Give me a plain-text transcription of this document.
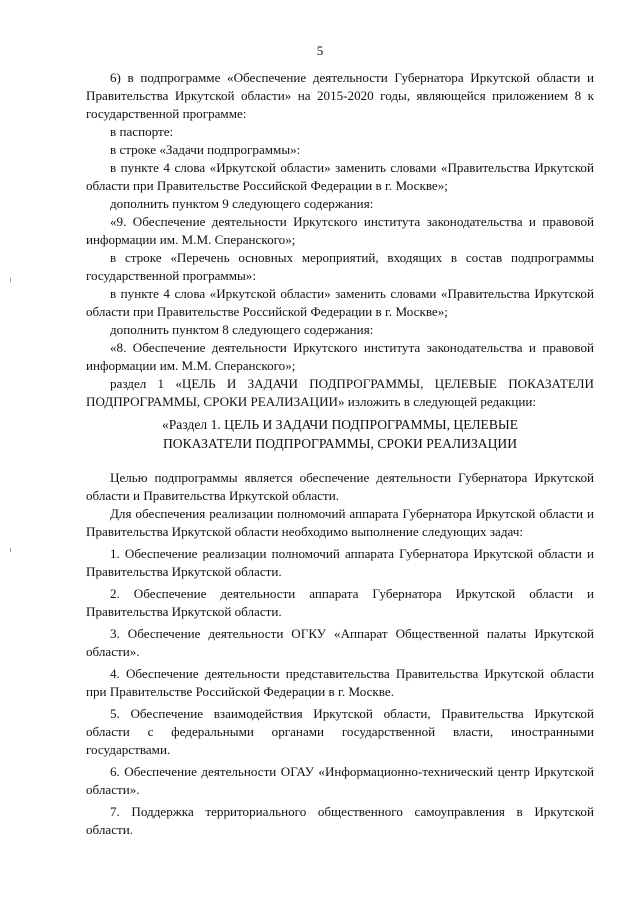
5

6) в подпрограмме «Обеспечение деятельности Губернатора Иркутской области и Правительства Иркутской области» на 2015-2020 годы, являющейся приложением 8 к государственной программе:

в паспорте:

в строке «Задачи подпрограммы»:

в пункте 4 слова «Иркутской области» заменить словами «Правительства Иркутской области при Правительстве Российской Федерации в г. Москве»;

дополнить пунктом 9 следующего содержания:

«9. Обеспечение деятельности Иркутского института законодательства и правовой информации им. М.М. Сперанского»;

в строке «Перечень основных мероприятий, входящих в состав подпрограммы государственной программы»:

в пункте 4 слова «Иркутской области» заменить словами «Правительства Иркутской области при Правительстве Российской Федерации в г. Москве»;

дополнить пунктом 8 следующего содержания:

«8. Обеспечение деятельности Иркутского института законодательства и правовой информации им. М.М. Сперанского»;

раздел 1 «ЦЕЛЬ И ЗАДАЧИ ПОДПРОГРАММЫ, ЦЕЛЕВЫЕ ПОКАЗАТЕЛИ ПОДПРОГРАММЫ, СРОКИ РЕАЛИЗАЦИИ» изложить в следующей редакции:

«Раздел 1. ЦЕЛЬ И ЗАДАЧИ ПОДПРОГРАММЫ, ЦЕЛЕВЫЕ
ПОКАЗАТЕЛИ ПОДПРОГРАММЫ, СРОКИ РЕАЛИЗАЦИИ

Целью подпрограммы является обеспечение деятельности Губернатора Иркутской области и Правительства Иркутской области.

Для обеспечения реализации полномочий аппарата Губернатора Иркутской области и Правительства Иркутской области необходимо выполнение следующих задач:

1. Обеспечение реализации полномочий аппарата Губернатора Иркутской области и Правительства Иркутской области.

2. Обеспечение деятельности аппарата Губернатора Иркутской области и Правительства Иркутской области.

3. Обеспечение деятельности ОГКУ «Аппарат Общественной палаты Иркутской области».

4. Обеспечение деятельности представительства Правительства Иркутской области при Правительстве Российской Федерации в г. Москве.

5. Обеспечение взаимодействия Иркутской области, Правительства Иркутской области с федеральными органами государственной власти, иностранными государствами.

6. Обеспечение деятельности ОГАУ «Информационно-технический центр Иркутской области».

7. Поддержка территориального общественного самоуправления в Иркутской области.
